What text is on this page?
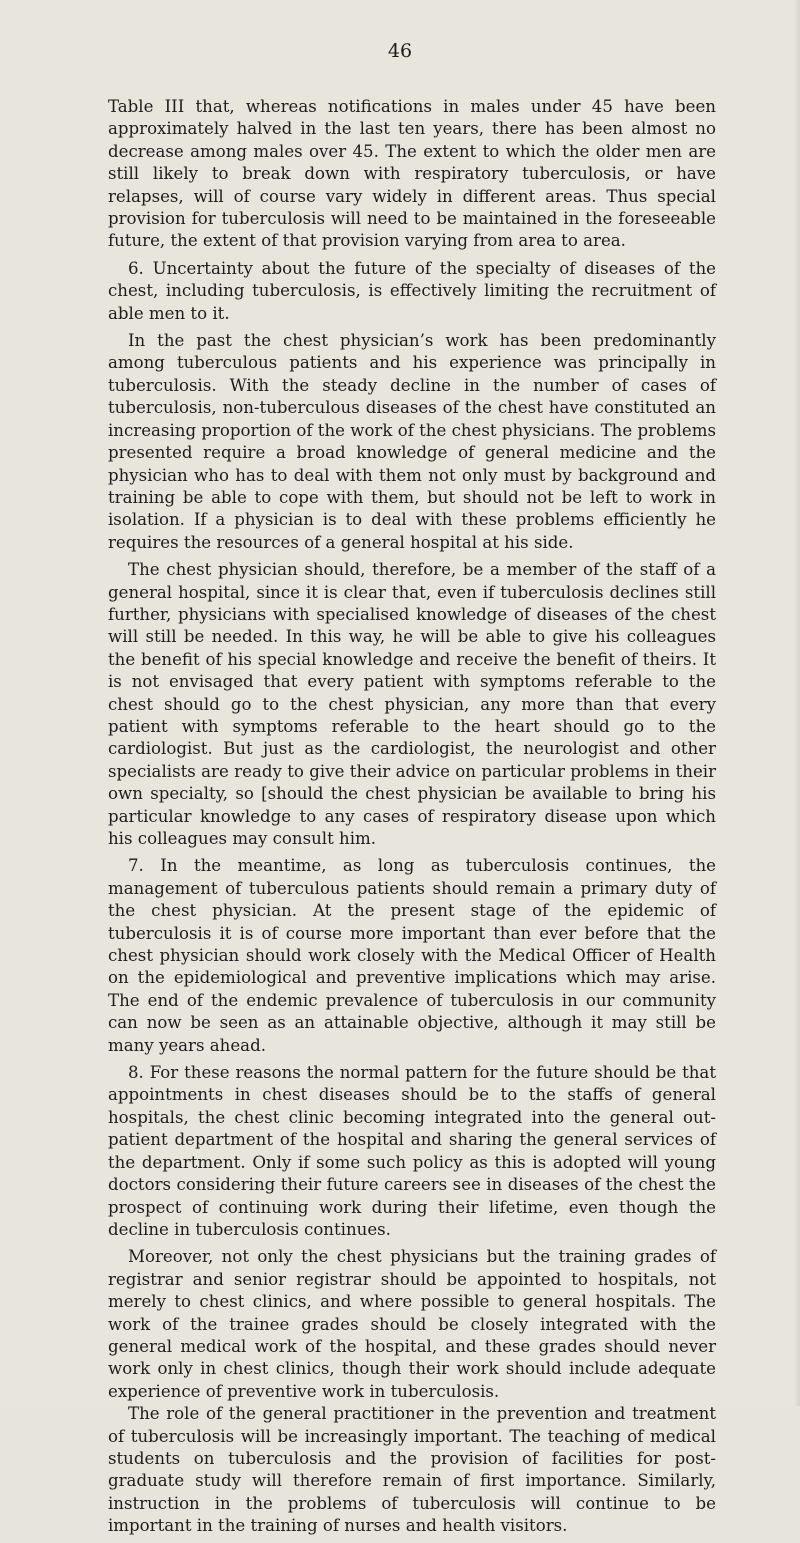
46

Table III that, whereas notifications in males under 45 have been approximately halved in the last ten years, there has been almost no decrease among males over 45. The extent to which the older men are still likely to break down with respiratory tuberculosis, or have relapses, will of course vary widely in different areas. Thus special provision for tuberculosis will need to be maintained in the foreseeable future, the extent of that provision varying from area to area.

6. Uncertainty about the future of the specialty of diseases of the chest, including tuberculosis, is effectively limiting the recruitment of able men to it.

In the past the chest physician’s work has been predominantly among tuberculous patients and his experience was principally in tuberculosis. With the steady decline in the number of cases of tuberculosis, non-tuberculous diseases of the chest have constituted an increasing proportion of the work of the chest physicians. The problems presented require a broad knowledge of general medicine and the physician who has to deal with them not only must by background and training be able to cope with them, but should not be left to work in isolation. If a physician is to deal with these problems efficiently he requires the resources of a general hospital at his side.

The chest physician should, therefore, be a member of the staff of a general hospital, since it is clear that, even if tuberculosis declines still further, physicians with specialised knowledge of diseases of the chest will still be needed. In this way, he will be able to give his colleagues the benefit of his special knowledge and receive the benefit of theirs. It is not envisaged that every patient with symptoms referable to the chest should go to the chest physician, any more than that every patient with symptoms referable to the heart should go to the cardiologist. But just as the cardiologist, the neurologist and other specialists are ready to give their advice on particular problems in their own specialty, so [should the chest physician be available to bring his particular knowledge to any cases of respiratory disease upon which his colleagues may consult him.

7. In the meantime, as long as tuberculosis continues, the management of tuberculous patients should remain a primary duty of the chest physician. At the present stage of the epidemic of tuberculosis it is of course more important than ever before that the chest physician should work closely with the Medical Officer of Health on the epidemiological and preventive implications which may arise. The end of the endemic prevalence of tuberculosis in our community can now be seen as an attainable objective, although it may still be many years ahead.

8. For these reasons the normal pattern for the future should be that appointments in chest diseases should be to the staffs of general hospitals, the chest clinic becoming integrated into the general out-patient department of the hospital and sharing the general services of the department. Only if some such policy as this is adopted will young doctors considering their future careers see in diseases of the chest the prospect of continuing work during their lifetime, even though the decline in tuberculosis continues.

Moreover, not only the chest physicians but the training grades of registrar and senior registrar should be appointed to hospitals, not merely to chest clinics, and where possible to general hospitals. The work of the trainee grades should be closely integrated with the general medical work of the hospital, and these grades should never work only in chest clinics, though their work should include adequate experience of preventive work in tuberculosis.

The role of the general practitioner in the prevention and treatment of tuberculosis will be increasingly important. The teaching of medical students on tuberculosis and the provision of facilities for post-graduate study will therefore remain of first importance. Similarly, instruction in the problems of tuberculosis will continue to be important in the training of nurses and health visitors.
